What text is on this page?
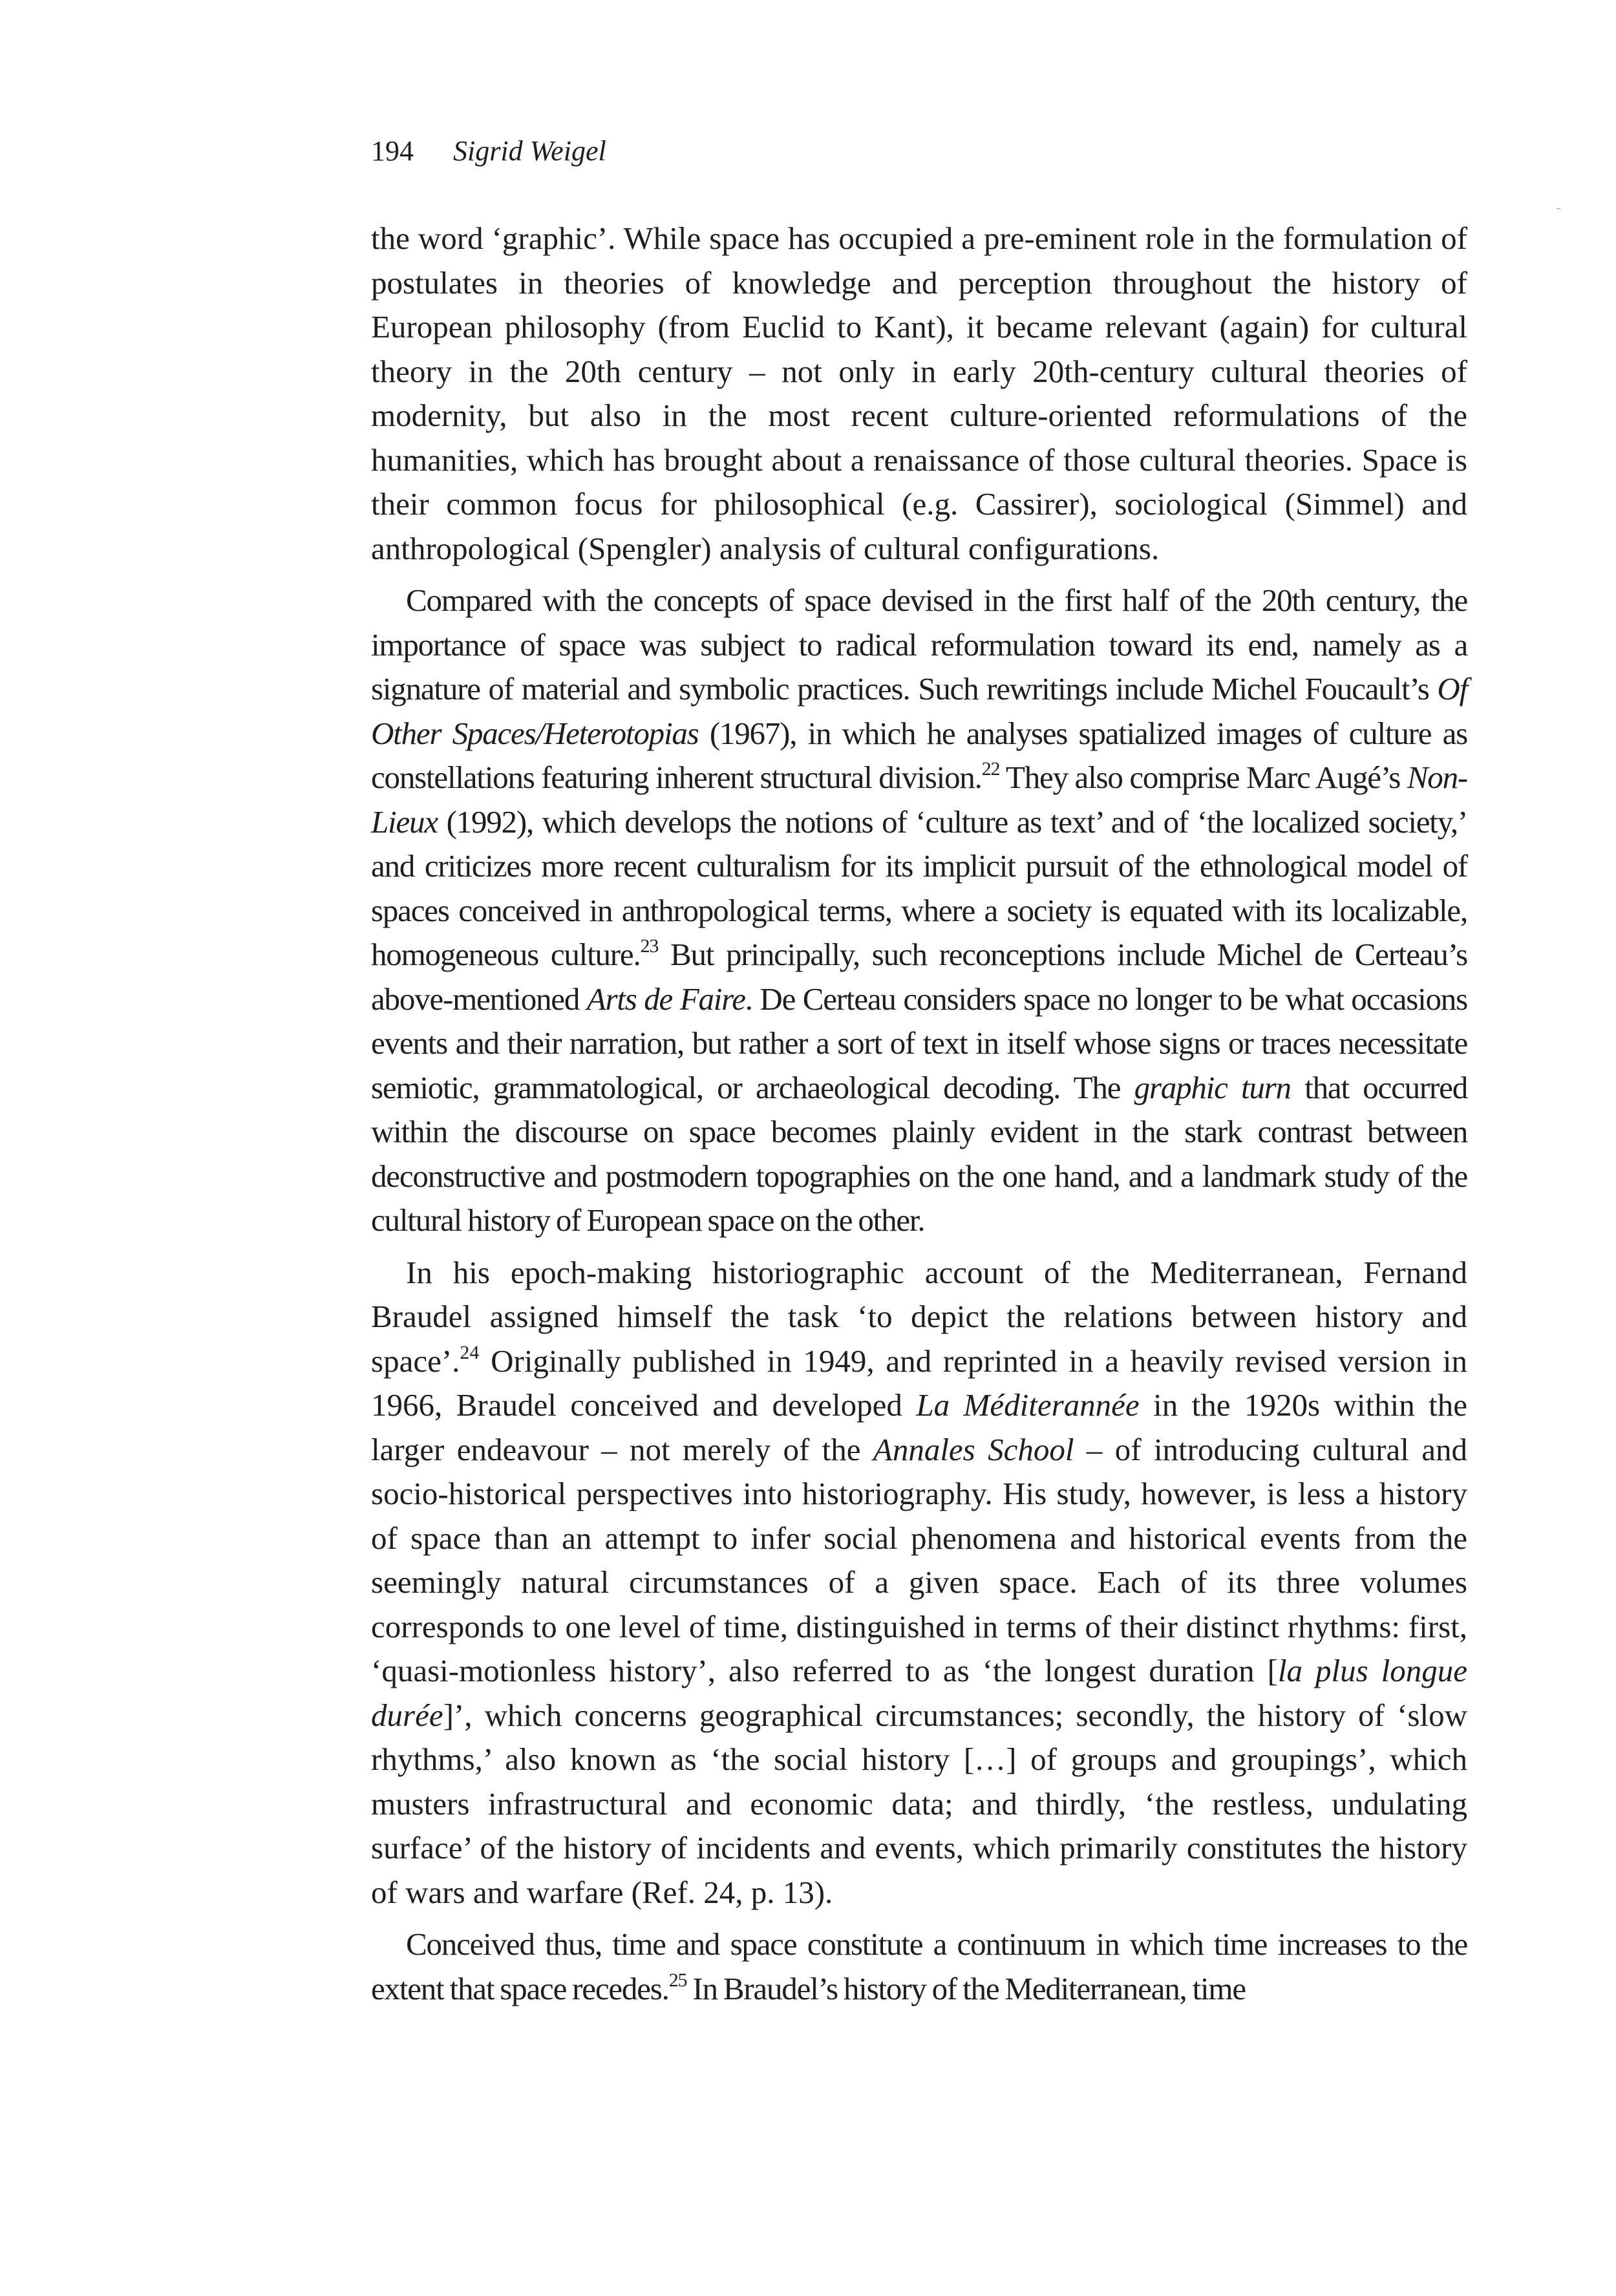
194 Sigrid Weigel

the word ‘graphic’. While space has occupied a pre-eminent role in the formulation of postulates in theories of knowledge and perception throughout the history of European philosophy (from Euclid to Kant), it became relevant (again) for cultural theory in the 20th century – not only in early 20th-century cultural theories of modernity, but also in the most recent culture-oriented reformulations of the humanities, which has brought about a renaissance of those cultural theories. Space is their common focus for philosophical (e.g. Cassirer), sociological (Simmel) and anthropological (Spengler) analysis of cultural configurations.

Compared with the concepts of space devised in the first half of the 20th century, the importance of space was subject to radical reformulation toward its end, namely as a signature of material and symbolic practices. Such rewritings include Michel Foucault’s Of Other Spaces/Heterotopias (1967), in which he analyses spatialized images of culture as constellations featuring inherent structural division.$^{22}$ They also comprise Marc Augé’s Non-Lieux (1992), which develops the notions of ‘culture as text’ and of ‘the localized society,’ and criticizes more recent culturalism for its implicit pursuit of the ethnological model of spaces conceived in anthropological terms, where a society is equated with its localizable, homogeneous culture.$^{23}$ But principally, such reconceptions include Michel de Certeau’s above-mentioned Arts de Faire. De Certeau considers space no longer to be what occasions events and their narration, but rather a sort of text in itself whose signs or traces necessitate semiotic, grammatological, or archaeological decoding. The graphic turn that occurred within the discourse on space becomes plainly evident in the stark contrast between deconstructive and postmodern topographies on the one hand, and a landmark study of the cultural history of European space on the other.

In his epoch-making historiographic account of the Mediterranean, Fernand Braudel assigned himself the task ‘to depict the relations between history and space’.$^{24}$ Originally published in 1949, and reprinted in a heavily revised version in 1966, Braudel conceived and developed La Méditerannée in the 1920s within the larger endeavour – not merely of the Annales School – of introducing cultural and socio-historical perspectives into historiography. His study, however, is less a history of space than an attempt to infer social phenomena and historical events from the seemingly natural circumstances of a given space. Each of its three volumes corresponds to one level of time, distinguished in terms of their distinct rhythms: first, ‘quasi-motionless history’, also referred to as ‘the longest duration [la plus longue durée]’, which concerns geographical circumstances; secondly, the history of ‘slow rhythms,’ also known as ‘the social history […] of groups and groupings’, which musters infrastructural and economic data; and thirdly, ‘the restless, undulating surface’ of the history of incidents and events, which primarily constitutes the history of wars and warfare (Ref. 24, p. 13).

Conceived thus, time and space constitute a continuum in which time increases to the extent that space recedes.$^{25}$ In Braudel’s history of the Mediterranean, time
